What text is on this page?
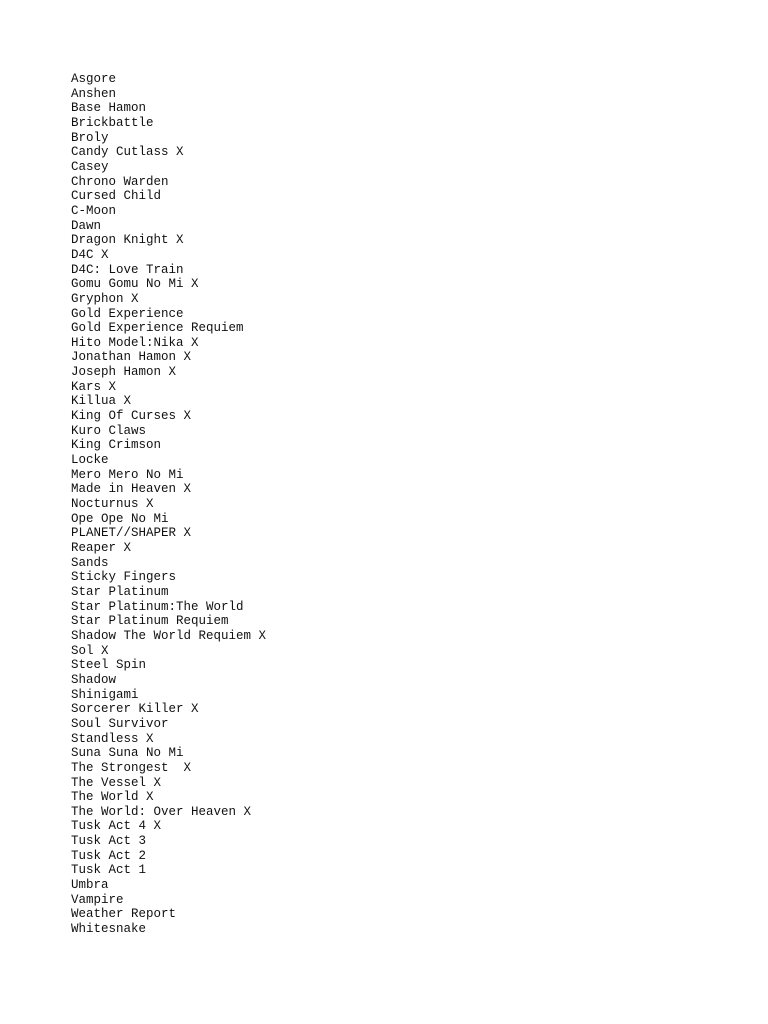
Asgore
Anshen
Base Hamon
Brickbattle
Broly
Candy Cutlass X
Casey
Chrono Warden
Cursed Child
C-Moon
Dawn
Dragon Knight X
D4C X
D4C: Love Train
Gomu Gomu No Mi X
Gryphon X
Gold Experience
Gold Experience Requiem
Hito Model:Nika X
Jonathan Hamon X
Joseph Hamon X
Kars X
Killua X
King Of Curses X
Kuro Claws
King Crimson
Locke
Mero Mero No Mi
Made in Heaven X
Nocturnus X
Ope Ope No Mi
PLANET//SHAPER X
Reaper X
Sands
Sticky Fingers
Star Platinum
Star Platinum:The World
Star Platinum Requiem
Shadow The World Requiem X
Sol X
Steel Spin
Shadow
Shinigami
Sorcerer Killer X
Soul Survivor
Standless X
Suna Suna No Mi
The Strongest  X
The Vessel X
The World X
The World: Over Heaven X
Tusk Act 4 X
Tusk Act 3
Tusk Act 2
Tusk Act 1
Umbra
Vampire
Weather Report
Whitesnake
